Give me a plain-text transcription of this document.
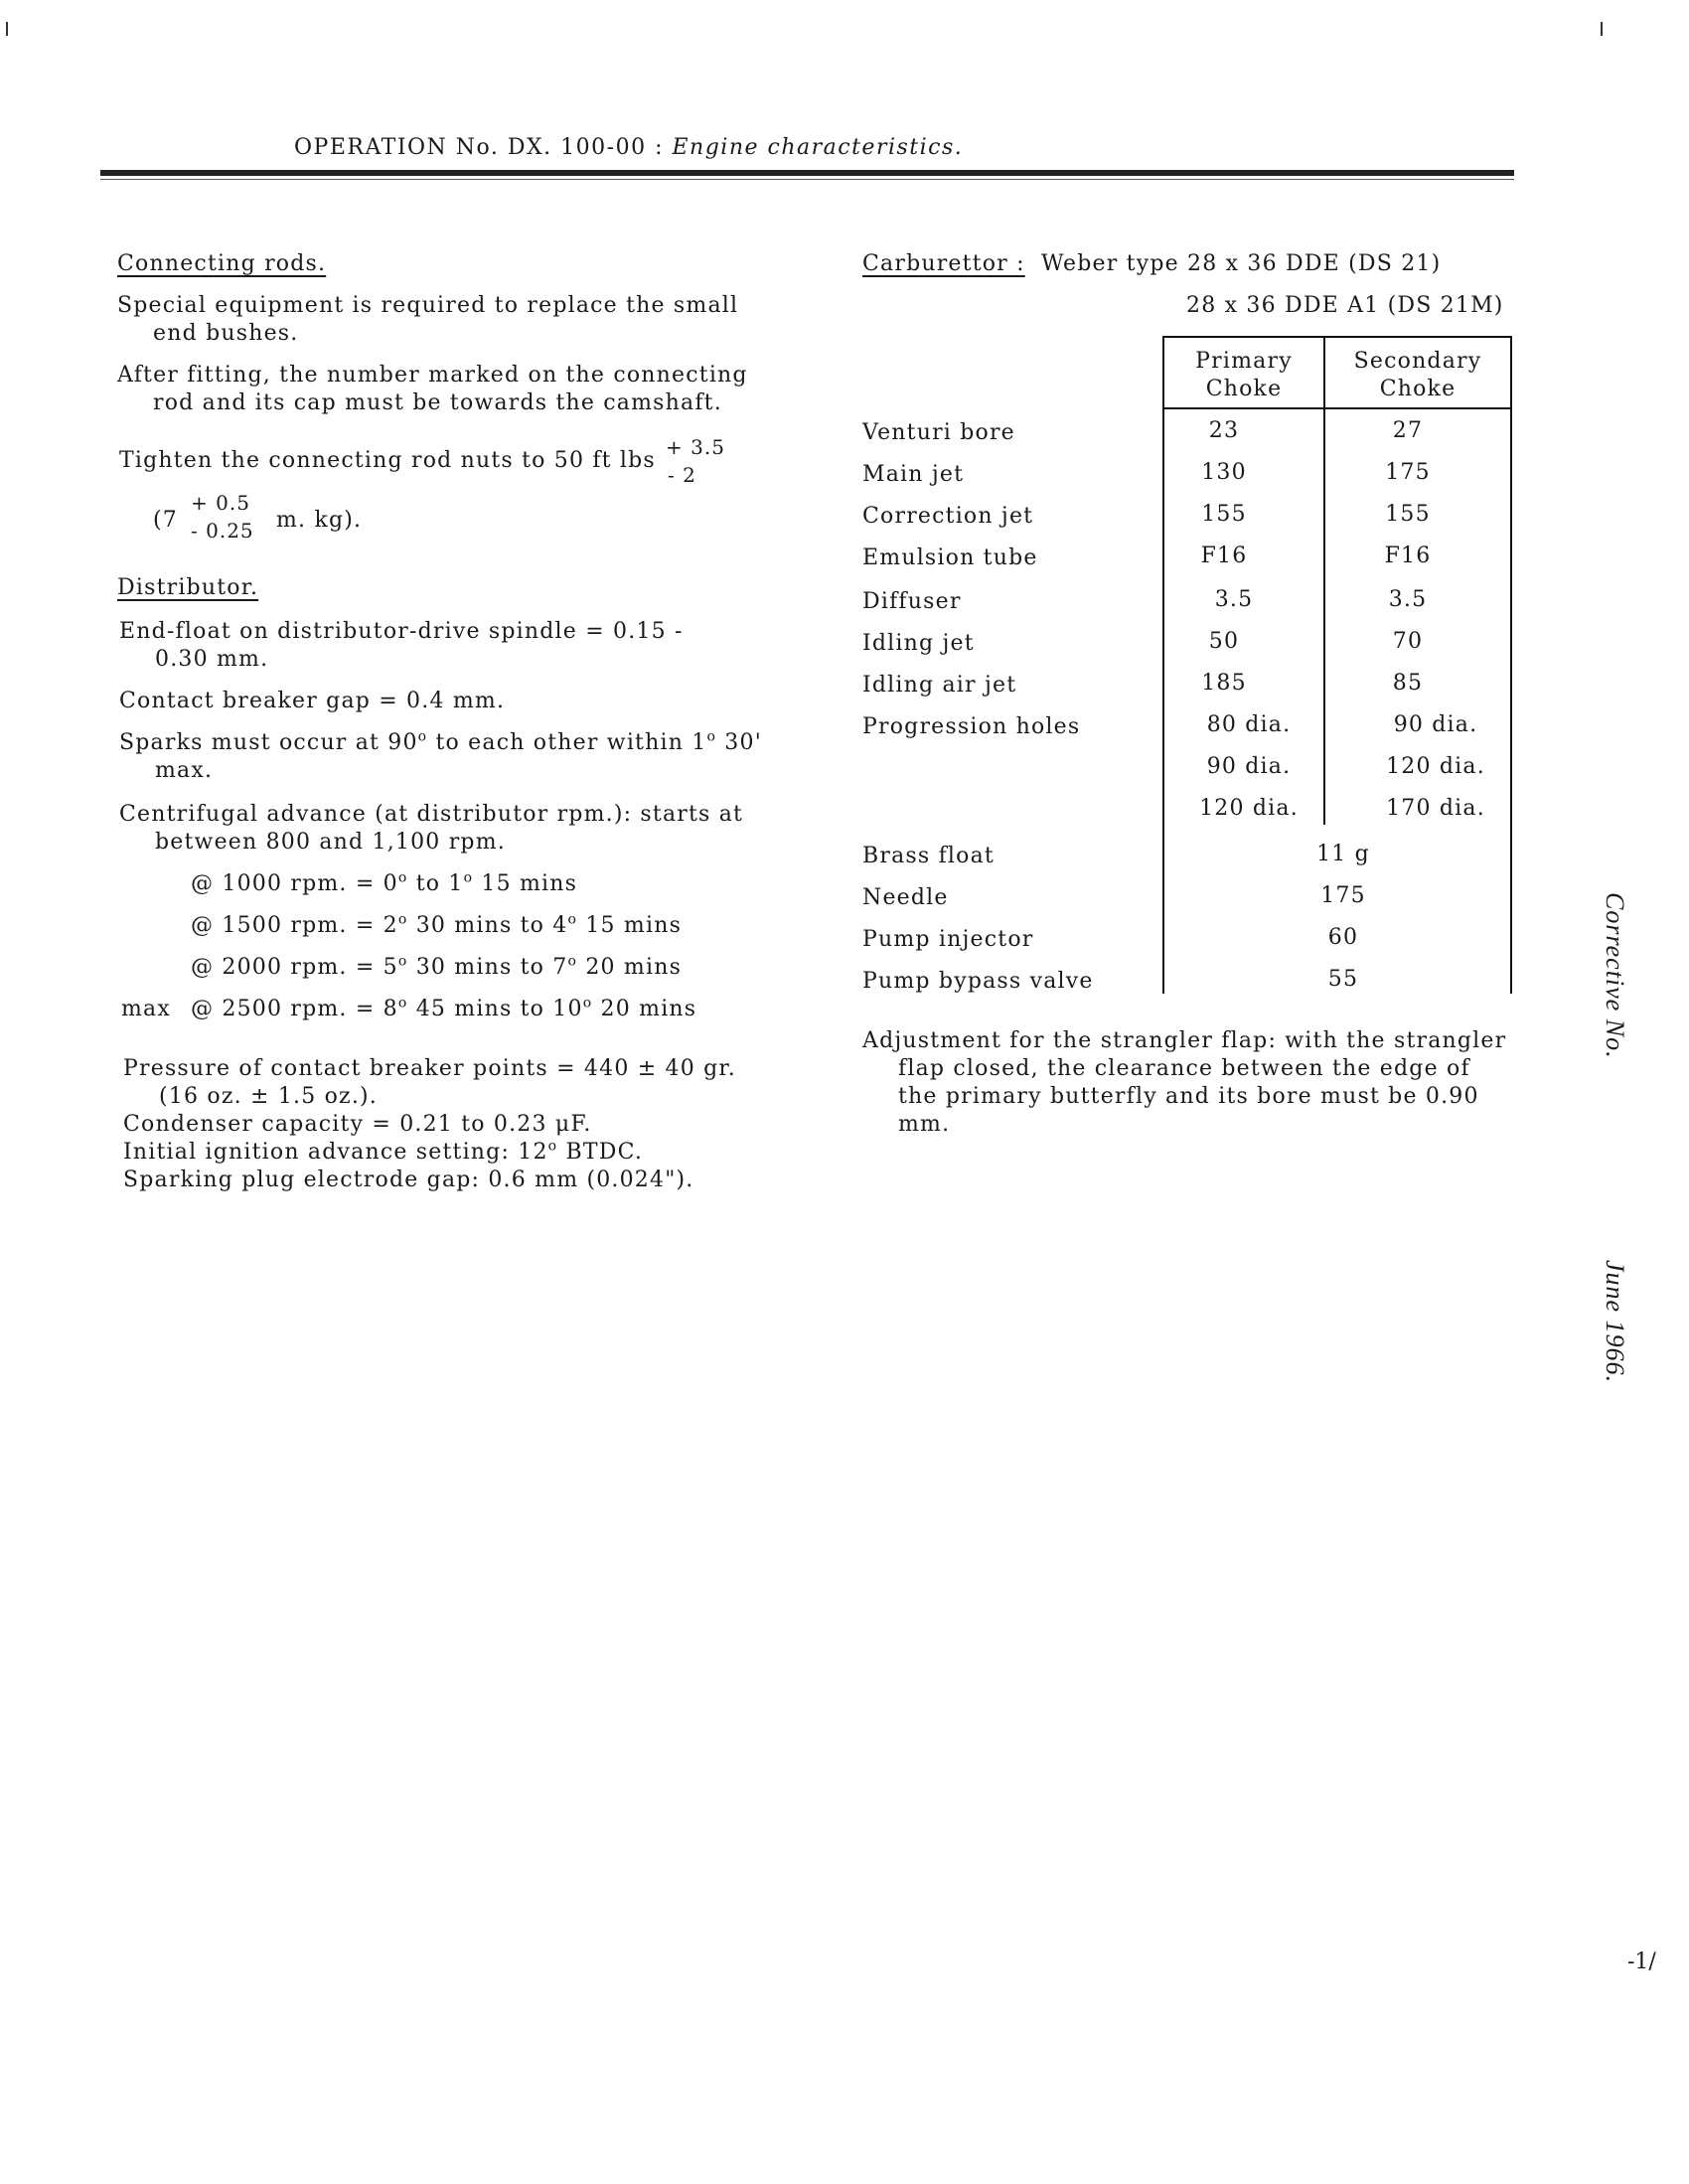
OPERATION No. DX. 100-00 : Engine characteristics.
Connecting rods.
Special equipment is required to replace the small
end bushes.
After fitting, the number marked on the connecting
rod and its cap must be towards the camshaft.
Tighten the connecting rod nuts to 50 ft lbs
+ 3.5
- 2
(7
+ 0.5
- 0.25 m. kg).
Distributor.
End-float on distributor-drive spindle = 0.15 -
0.30 mm.
Contact breaker gap = 0.4 mm.
Sparks must occur at 90$^o$ to each other within 1$^o$ 30'
max.
Centrifugal advance (at distributor rpm.): starts at
between 800 and 1,100 rpm.
@ 1000 rpm. = $0^o$ to 1$^o$ 15 mins
@ 1500 rpm. = $2^o$ 30 mins to 4$^o$ 15 mins
@ 2000 rpm. = $5^o$ 30 mins to 7$^o$ 20 mins
max @ 2500 rpm. = $8^o$ 45 mins to 10$^o$ 20 mins
Pressure of contact breaker points = 440 ± 40 gr.
(16 oz. ± 1.5 oz.).
Condenser capacity = 0.21 to 0.23 μF.
Initial ignition advance setting: 12$^o$ BTDC.
Sparking plug electrode gap: 0.6 mm (0.024").
Carburettor : Weber type 28 x 36 DDE (DS 21)
28 x 36 DDE A1 (DS 21M)
Primary
Choke
Secondary
Choke
Venturi bore	23	27
Main jet	130	175
Correction jet	155	155
Emulsion tube	F16	F16
Diffuser	3.5	3.5
Idling jet	50	70
Idling air jet	185	85
Progression holes	80 dia.	90 dia.
90 dia.	120 dia.
120 dia.	170 dia.
Brass float	11 g
Needle	175
Pump injector	60
Pump bypass valve	55
Adjustment for the strangler flap: with the strangler
flap closed, the clearance between the edge of
the primary butterfly and its bore must be 0.90
mm.
Corrective No.
June 1966.
-1/
